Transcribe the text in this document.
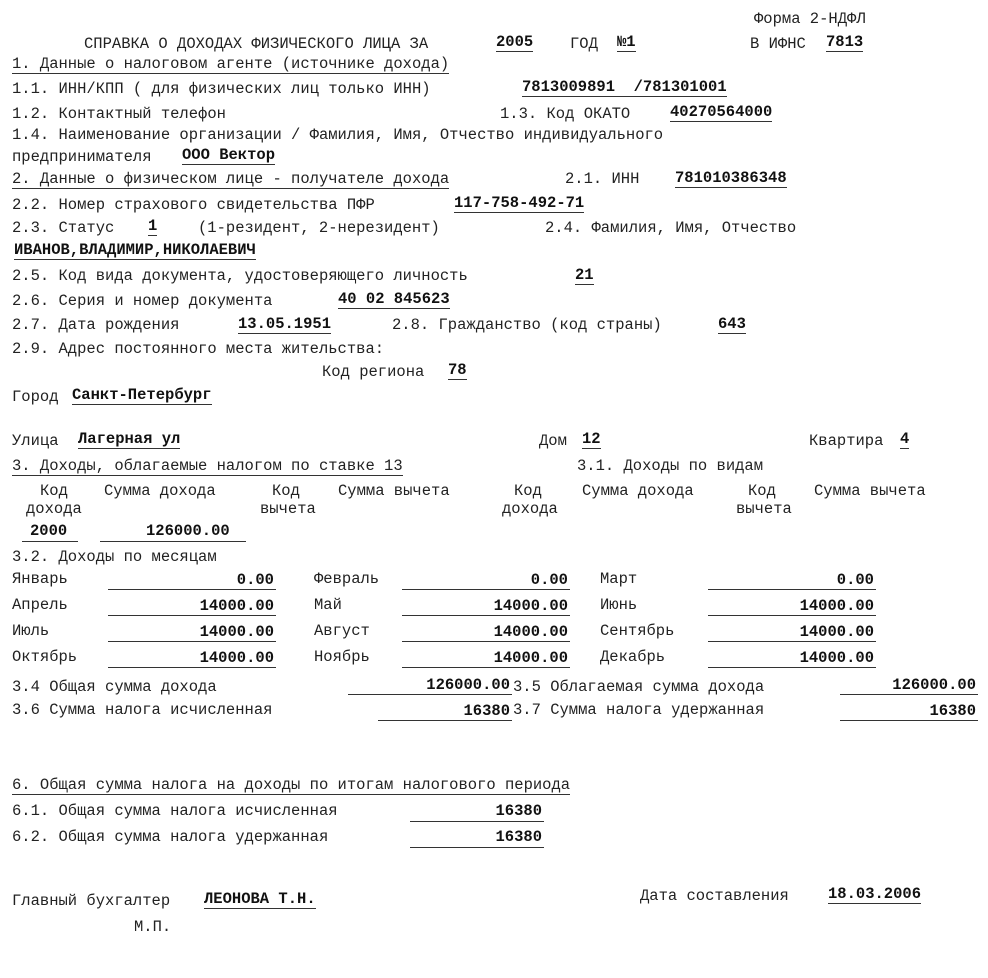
Форма 2-НДФЛ
СПРАВКА О ДОХОДАХ ФИЗИЧЕСКОГО ЛИЦА ЗА	2005 ГОД №1	В ИФНС 7813
1. Данные о налоговом агенте (источнике дохода)
1.1. ИНН/КПП ( для физических лиц только ИНН)	7813009891  /781301001
1.2. Контактный телефон	1.3. Код ОКАТО	40270564000
1.4. Наименование организации / Фамилия, Имя, Отчество индивидуального
предпринимателя ООО Вектор
2. Данные о физическом лице - получателе дохода	2.1. ИНН 781010386348
2.2. Номер страхового свидетельства ПФР	117-758-492-71
2.3. Статус 1	(1-резидент, 2-нерезидент)	2.4. Фамилия, Имя, Отчество
ИВАНОВ,ВЛАДИМИР,НИКОЛАЕВИЧ
2.5. Код вида документа, удостоверяющего личность	21
2.6. Серия и номер документа	40 02 845623
2.7. Дата рождения	13.05.1951	2.8. Гражданство (код страны)	643
2.9. Адрес постоянного места жительства:
Код региона 78
Город Санкт-Петербург
Улица Лагерная ул	Дом 12	Квартира 4
3. Доходы, облагаемые налогом по ставке 13	3.1. Доходы по видам
Код
дохода
Сумма дохода	Код
вычета
Сумма вычета	Код
дохода
Сумма дохода	Код
вычета
Сумма вычета
2000	126000.00
3.2. Доходы по месяцам
Январь	0.00	Февраль	0.00 Март	0.00
Апрель	14000.00	Май	14000.00 Июнь	14000.00
Июль	14000.00	Август	14000.00 Сентябрь	14000.00
Октябрь	14000.00	Ноябрь	14000.00 Декабрь	14000.00
3.4 Общая сумма дохода	126000.00 3.5 Облагаемая сумма дохода	126000.00
3.6 Сумма налога исчисленная	16380 3.7 Сумма налога удержанная	16380
6. Общая сумма налога на доходы по итогам налогового периода
6.1. Общая сумма налога исчисленная	16380
6.2. Общая сумма налога удержанная	16380
Главный бухгалтер ЛЕОНОВА Т.Н.	Дата составления	18.03.2006
М.П.
